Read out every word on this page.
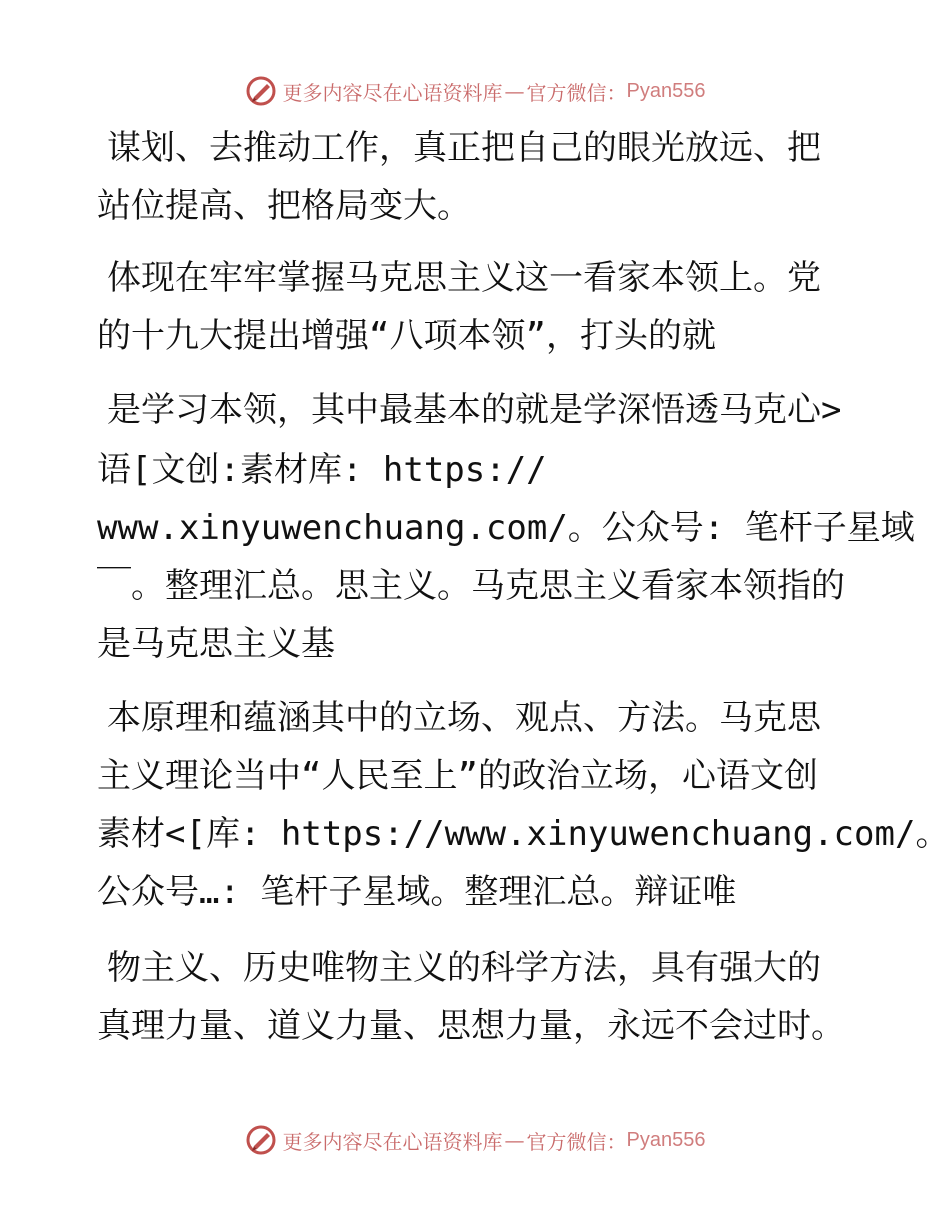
更多内容尽在心语资料库 — 官方微信： Pyan556
谋划、去推动工作，真正把自己的眼光放远、把
站位提高、把格局变大。
体现在牢牢掌握马克思主义这一看家本领上。党
的十九大提出增强“八项本领”，打头的就
是学习本领，其中最基本的就是学深悟透马克心>
语[文创:素材库: https://
www.xinyuwenchuang.com/。公众号: 笔杆子星域
￣。整理汇总。思主义。马克思主义看家本领指的
是马克思主义基
本原理和蕴涵其中的立场、观点、方法。马克思
主义理论当中“人民至上”的政治立场，心语文创
素材<[库: https://www.xinyuwenchuang.com/。
公众号…: 笔杆子星域。整理汇总。辩证唯
物主义、历史唯物主义的科学方法，具有强大的
真理力量、道义力量、思想力量，永远不会过时。
更多内容尽在心语资料库 — 官方微信： Pyan556
